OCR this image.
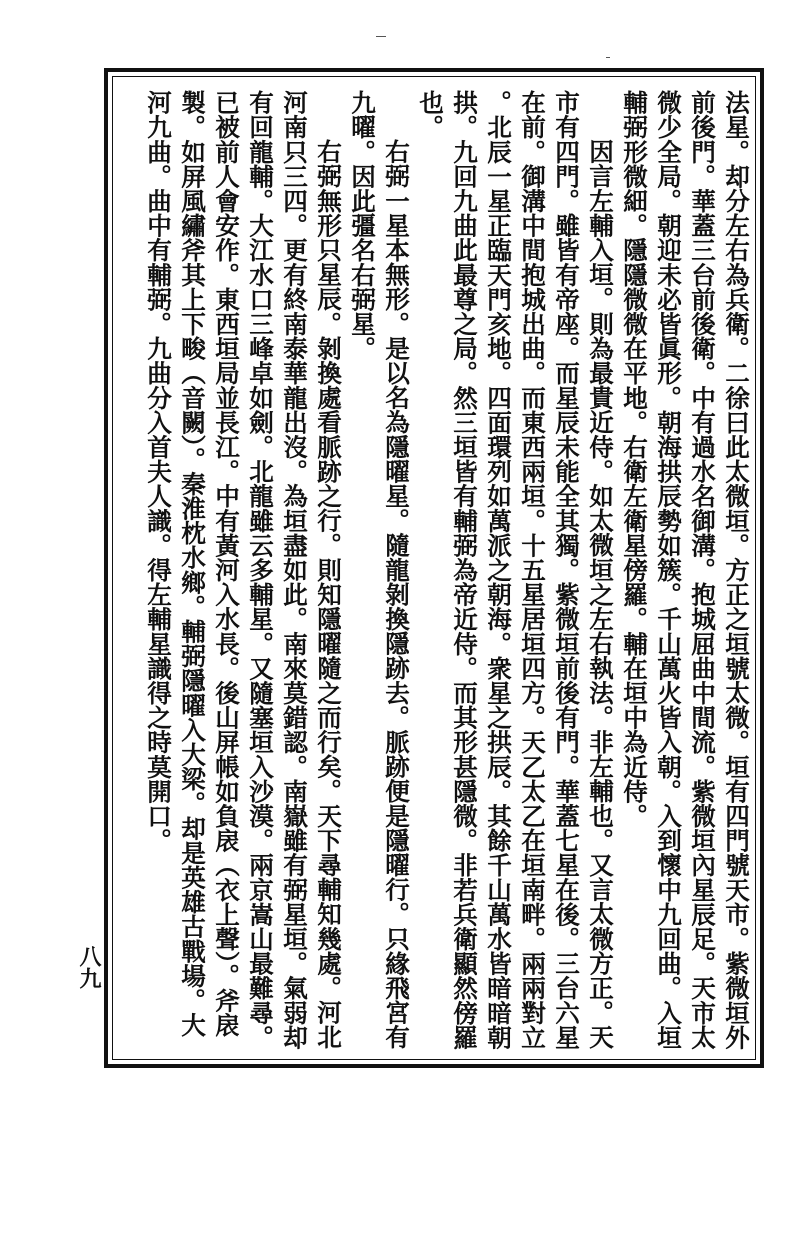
法星。却分左右為兵衛。二徐曰此太微垣。方正之垣號太微。垣有四門號天市。紫微垣外
前後門。華蓋三台前後衛。中有過水名御溝。抱城屈曲中間流。紫微垣內星辰足。天市太
微少全局。朝迎未必皆眞形。朝海拱辰勢如簇。千山萬火皆入朝。入到懷中九回曲。入垣
輔弼形微細。隱隱微微在平地。右衛左衛星傍羅。輔在垣中為近侍。
因言左輔入垣。則為最貴近侍。如太微垣之左右執法。非左輔也。又言太微方正。天
市有四門。雖皆有帝座。而星辰未能全其獨。紫微垣前後有門。華蓋七星在後。三台六星
在前。御溝中間抱城出曲。而東西兩垣。十五星居垣四方。天乙太乙在垣南畔。兩兩對立
。北辰一星正臨天門亥地。四面環列如萬派之朝海。衆星之拱辰。其餘千山萬水皆暗暗朝
拱。九回九曲此最尊之局。然三垣皆有輔弼為帝近侍。而其形甚隱微。非若兵衛顯然傍羅
也。
右弼一星本無形。是以名為隱曜星。隨龍剝換隱跡去。脈跡便是隱曜行。只緣飛宮有
九曜。因此彊名右弼星。
右弼無形只星辰。剝換處看脈跡之行。則知隱曜隨之而行矣。天下尋輔知幾處。河北
河南只三四。更有終南泰華龍出沒。為垣盡如此。南來莫錯認。南嶽雖有弼星垣。氣弱却
有回龍輔。大江水口三峰卓如劍。北龍雖云多輔星。又隨塞垣入沙漠。兩京嵩山最難尋。
已被前人會安作。東西垣局並長江。中有黃河入水長。後山屏帳如負扆（衣上聲）。斧扆
製。如屏風繡斧其上下畯（音闕）。秦淮枕水鄉。輔弼隱曜入大梁。却是英雄古戰場。大
河九曲。曲中有輔弼。九曲分入首夫人識。得左輔星識得之時莫開口。
八九
